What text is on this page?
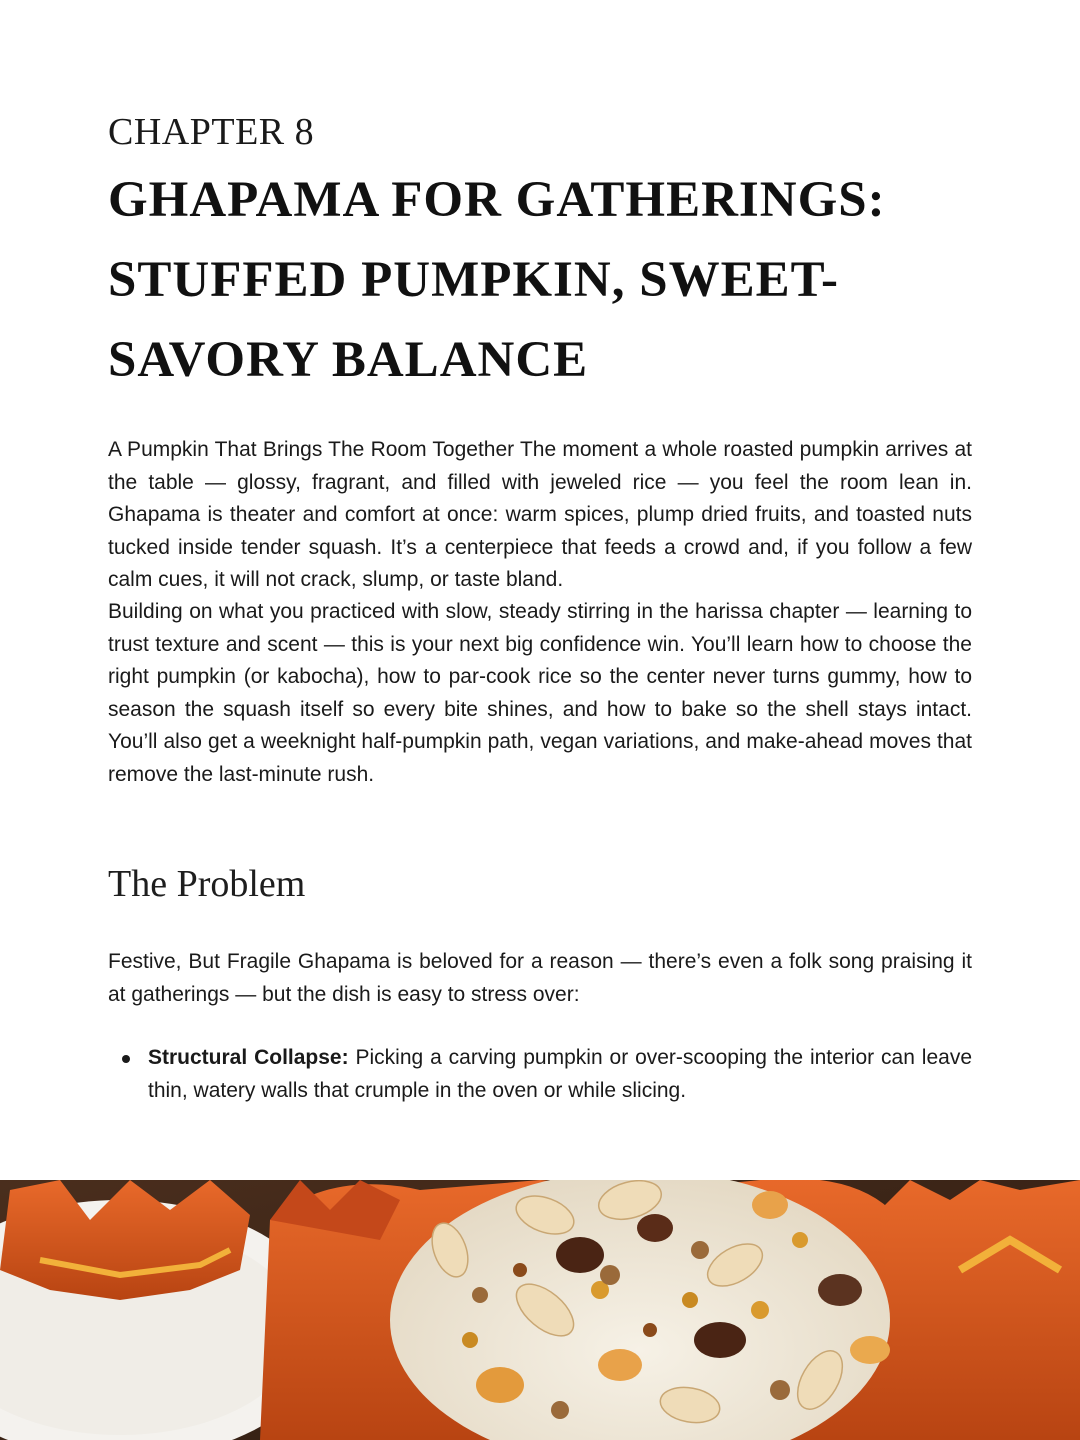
CHAPTER 8
GHAPAMA FOR GATHERINGS: STUFFED PUMPKIN, SWEET-SAVORY BALANCE

A Pumpkin That Brings The Room Together The moment a whole roasted pumpkin arrives at the table — glossy, fragrant, and filled with jeweled rice — you feel the room lean in. Ghapama is theater and comfort at once: warm spices, plump dried fruits, and toasted nuts tucked inside tender squash. It’s a centerpiece that feeds a crowd and, if you follow a few calm cues, it will not crack, slump, or taste bland.

Building on what you practiced with slow, steady stirring in the harissa chapter — learning to trust texture and scent — this is your next big confidence win. You’ll learn how to choose the right pumpkin (or kabocha), how to par-cook rice so the center never turns gummy, how to season the squash itself so every bite shines, and how to bake so the shell stays intact. You’ll also get a weeknight half-pumpkin path, vegan variations, and make-ahead moves that remove the last-minute rush.

The Problem

Festive, But Fragile Ghapama is beloved for a reason — there’s even a folk song praising it at gatherings — but the dish is easy to stress over:

Structural Collapse: Picking a carving pumpkin or over-scooping the interior can leave thin, watery walls that crumple in the oven or while slicing.
